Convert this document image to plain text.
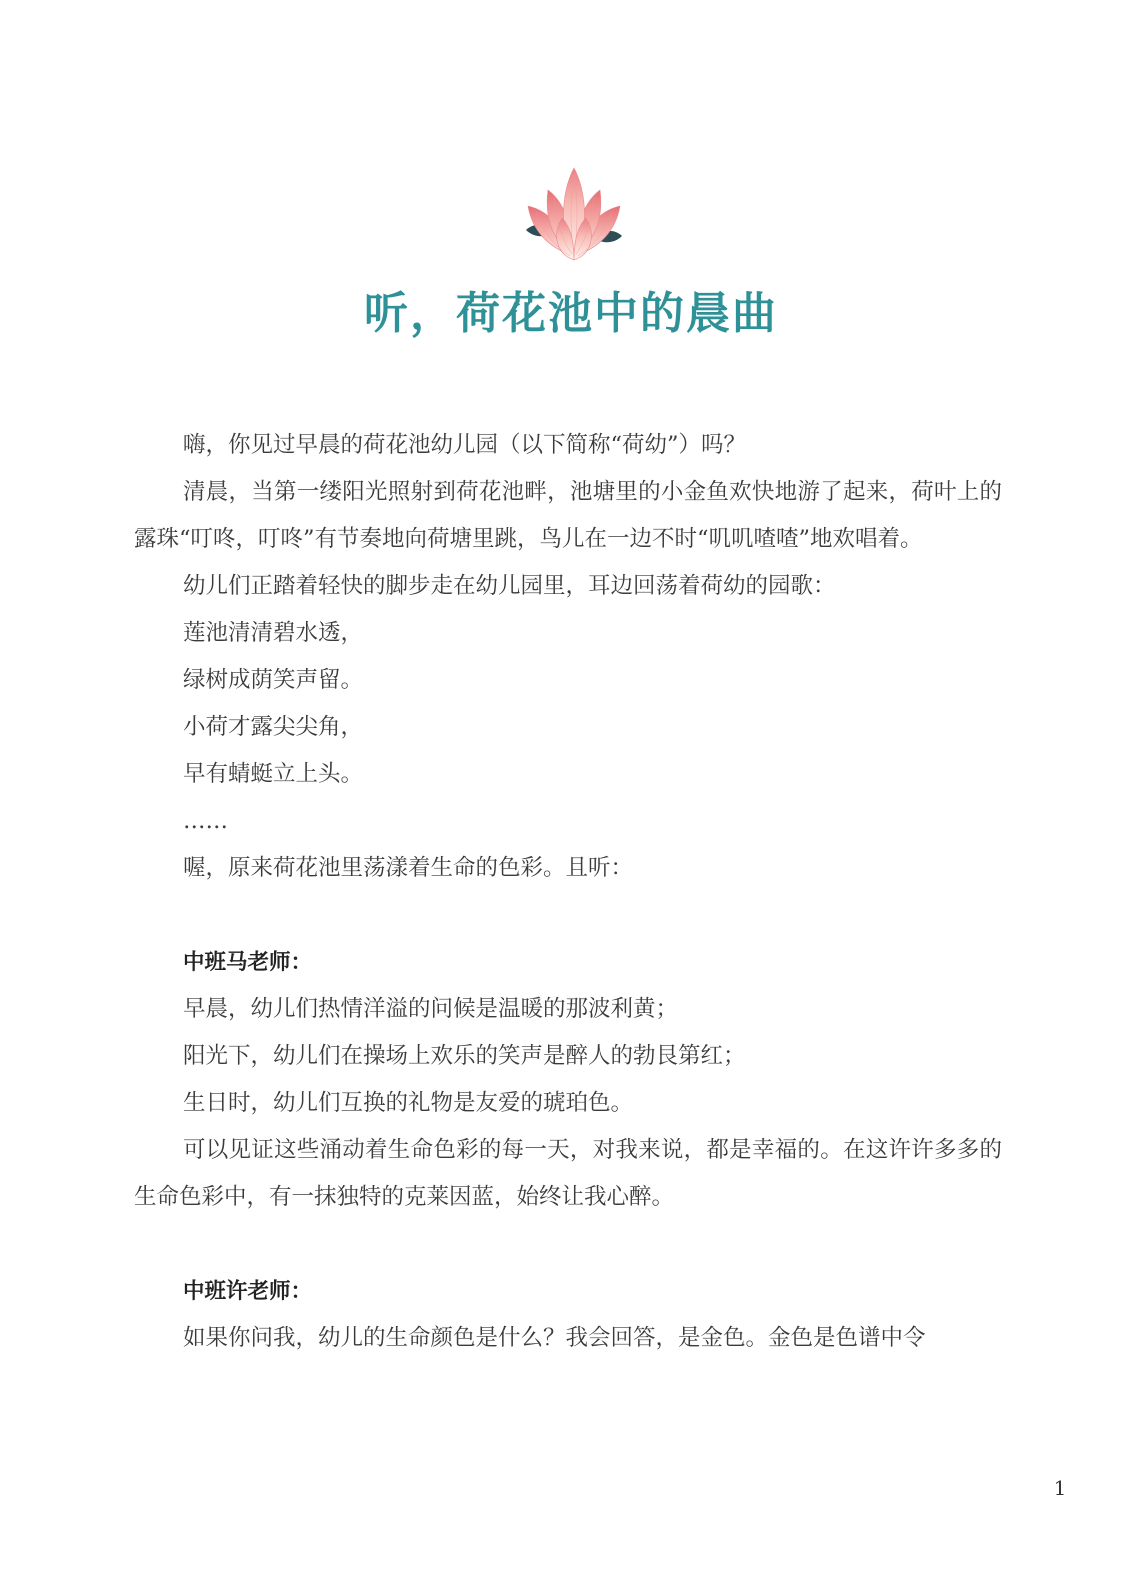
听，荷花池中的晨曲

嗨，你见过早晨的荷花池幼儿园（以下简称“荷幼”）吗？

清晨，当第一缕阳光照射到荷花池畔，池塘里的小金鱼欢快地游了起来，荷叶上的露珠“叮咚，叮咚”有节奏地向荷塘里跳，鸟儿在一边不时“叽叽喳喳”地欢唱着。

幼儿们正踏着轻快的脚步走在幼儿园里，耳边回荡着荷幼的园歌：

莲池清清碧水透，

绿树成荫笑声留。

小荷才露尖尖角，

早有蜻蜓立上头。

……

喔，原来荷花池里荡漾着生命的色彩。且听：

中班马老师：

早晨，幼儿们热情洋溢的问候是温暖的那波利黄；

阳光下，幼儿们在操场上欢乐的笑声是醉人的勃艮第红；

生日时，幼儿们互换的礼物是友爱的琥珀色。

可以见证这些涌动着生命色彩的每一天，对我来说，都是幸福的。在这许许多多的生命色彩中，有一抹独特的克莱因蓝，始终让我心醉。

中班许老师：

如果你问我，幼儿的生命颜色是什么？我会回答，是金色。金色是色谱中令

1
